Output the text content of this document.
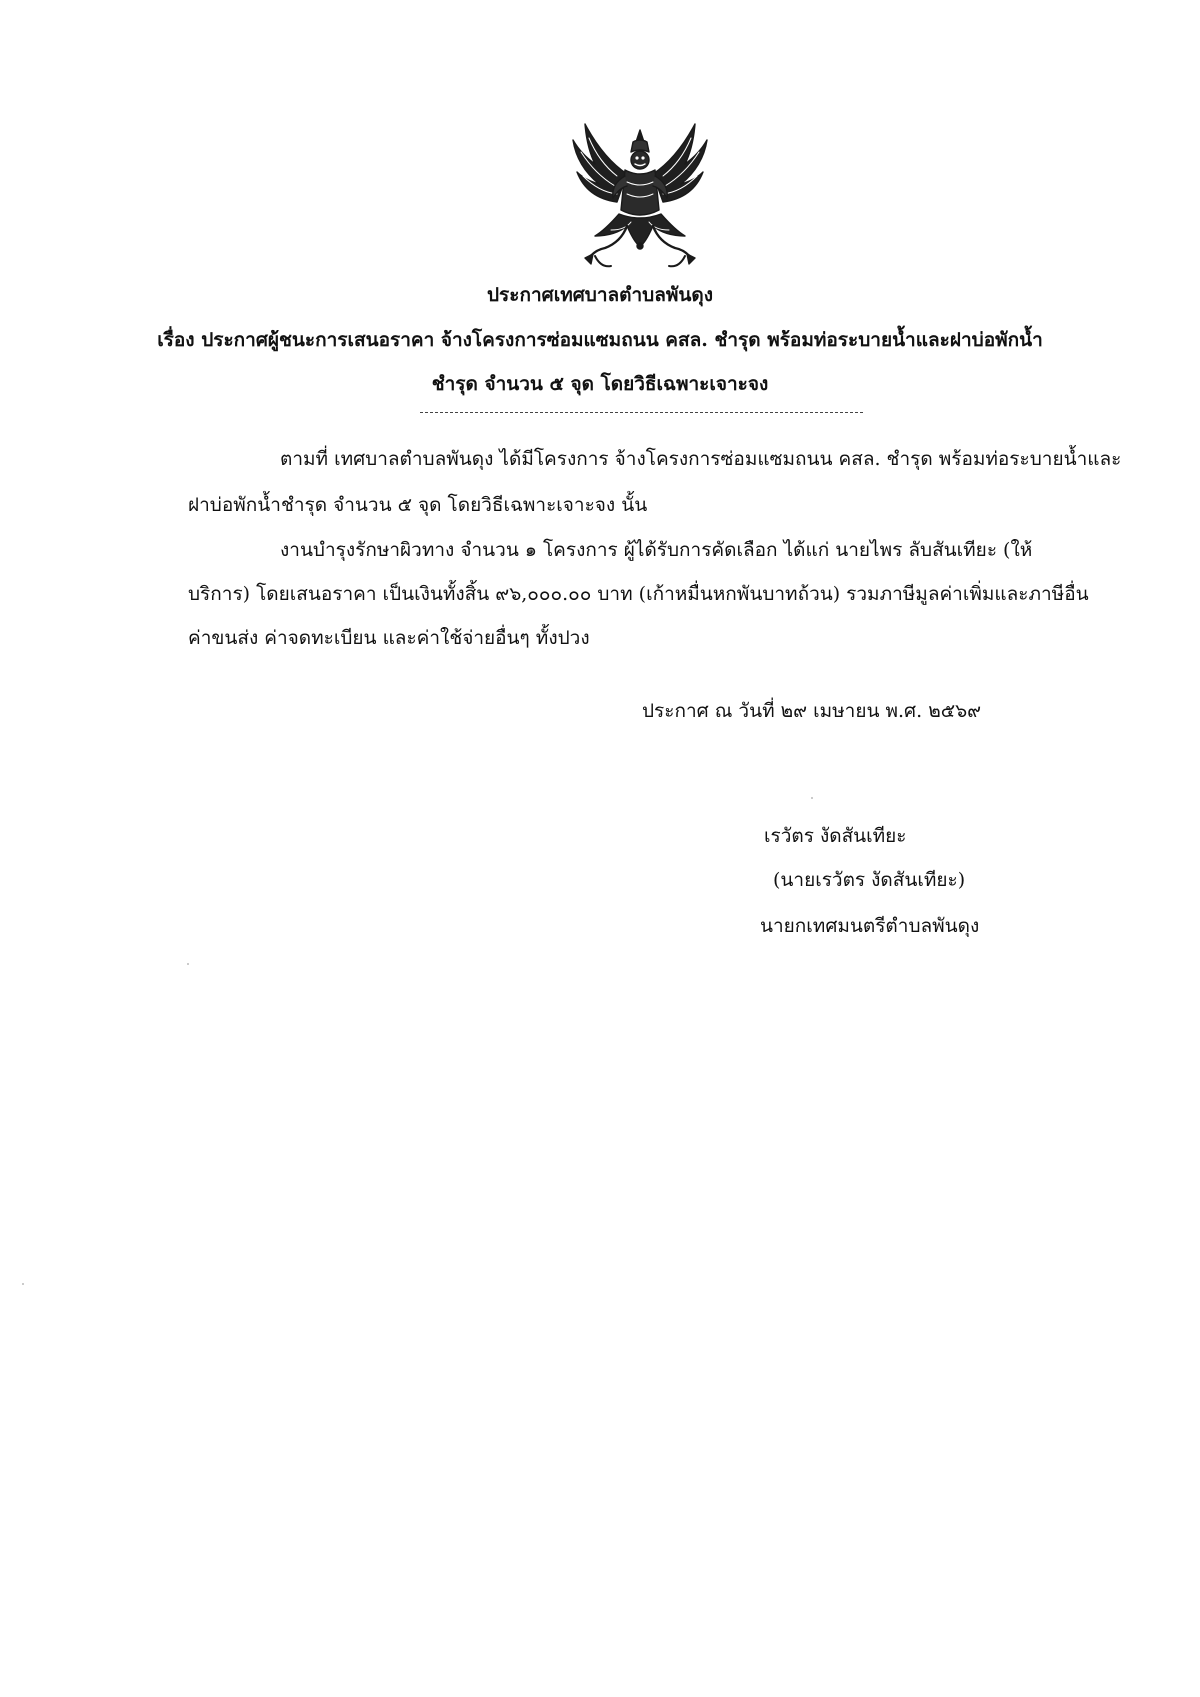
ประกาศเทศบาลตำบลพันดุง
เรื่อง ประกาศผู้ชนะการเสนอราคา จ้างโครงการซ่อมแซมถนน คสล. ชำรุด พร้อมท่อระบายน้ำและฝาบ่อพักน้ำ
ชำรุด จำนวน ๕ จุด โดยวิธีเฉพาะเจาะจง
ตามที่ เทศบาลตำบลพันดุง ได้มีโครงการ จ้างโครงการซ่อมแซมถนน คสล. ชำรุด พร้อมท่อระบายน้ำและ
ฝาบ่อพักน้ำชำรุด จำนวน ๕ จุด โดยวิธีเฉพาะเจาะจง นั้น
งานบำรุงรักษาผิวทาง จำนวน ๑ โครงการ ผู้ได้รับการคัดเลือก ได้แก่ นายไพร ลับสันเทียะ (ให้
บริการ) โดยเสนอราคา เป็นเงินทั้งสิ้น ๙๖,๐๐๐.๐๐ บาท (เก้าหมื่นหกพันบาทถ้วน) รวมภาษีมูลค่าเพิ่มและภาษีอื่น
ค่าขนส่ง ค่าจดทะเบียน และค่าใช้จ่ายอื่นๆ ทั้งปวง
ประกาศ ณ วันที่ ๒๙ เมษายน พ.ศ. ๒๕๖๙
เรวัตร งัดสันเทียะ
(นายเรวัตร งัดสันเทียะ)
นายกเทศมนตรีตำบลพันดุง
